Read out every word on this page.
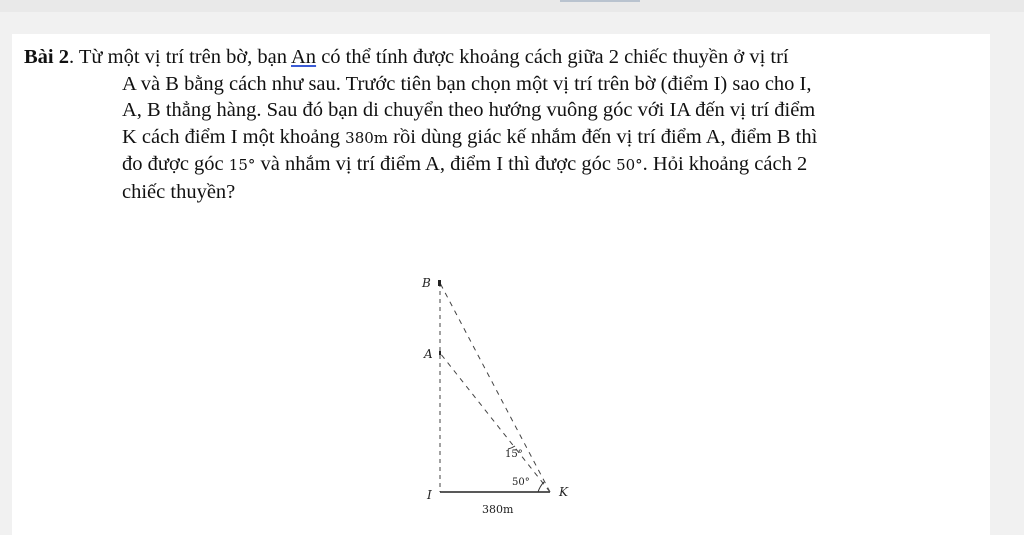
Bài 2. Từ một vị trí trên bờ, bạn An có thể tính được khoảng cách giữa 2 chiếc thuyền ở vị trí

A và B bằng cách như sau. Trước tiên bạn chọn một vị trí trên bờ (điểm I) sao cho I,

A, B thẳng hàng. Sau đó bạn di chuyển theo hướng vuông góc với IA đến vị trí điểm

K cách điểm I một khoảng 380m rồi dùng giác kế nhắm đến vị trí điểm A, điểm B thì

đo được góc 15° và nhắm vị trí điểm A, điểm I thì được góc 50°. Hỏi khoảng cách 2

chiếc thuyền?

B
A
I	K
15°
50°
380m
